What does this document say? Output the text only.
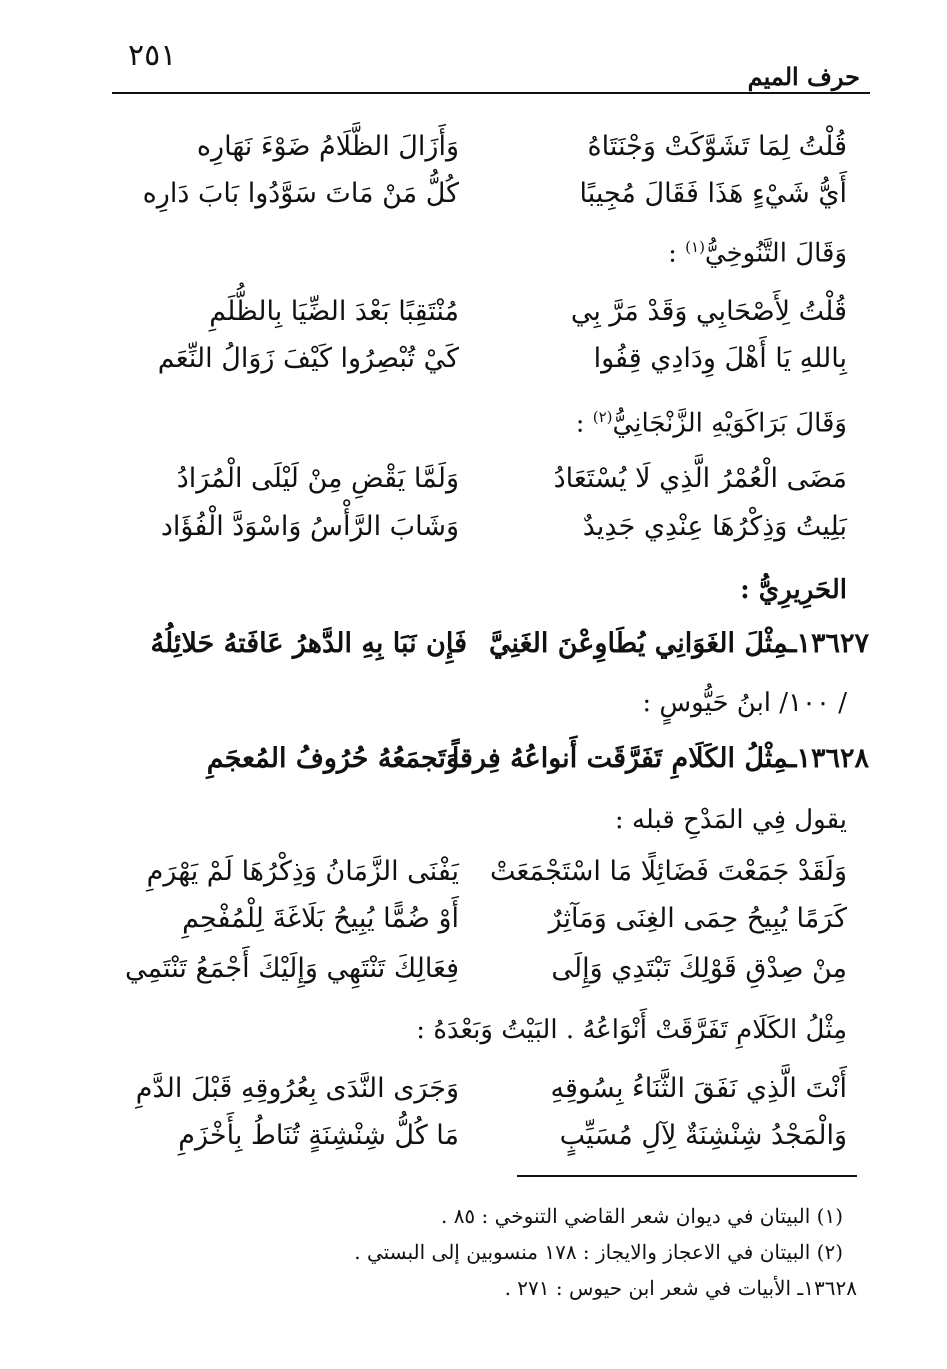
٢٥١
حرف الميم
قُلْتُ لِمَا تَشَوَّكَتْ وَجْنَتَاهُ
وَأَزَالَ الظَّلَامُ ضَوْءَ نَهَارِه
أَيُّ شَيْءٍ هَذَا فَقَالَ مُجِيبًا
كُلُّ مَنْ مَاتَ سَوَّدُوا بَابَ دَارِه
وَقَالَ التَّنُوخِيُّ$^{(١)}$ :
قُلْتُ لِأَصْحَابِي وَقَدْ مَرَّ بِي
مُنْتَقِبًا بَعْدَ الضِّيَا بِالظُّلَمِ
بِاللهِ يَا أَهْلَ وِدَادِي قِفُوا
كَيْ تُبْصِرُوا كَيْفَ زَوَالُ النِّعَم
وَقَالَ بَرَاكَوَيْهِ الزَّنْجَانِيُّ$^{(٢)}$ :
مَضَى الْعُمْرُ الَّذِي لَا يُسْتَعَادُ
وَلَمَّا يَقْضِ مِنْ لَيْلَى الْمُرَادُ
بَلِيتُ وَذِكْرُهَا عِنْدِي جَدِيدٌ
وَشَابَ الرَّأْسُ وَاسْوَدَّ الْفُؤَاد
الحَرِيرِيُّ :
١٣٦٢٧ـمِثْلَ الغَوَانِي يُطَاوِعْنَ الغَنِيَّ
فَإِن نَبَا بِهِ الدَّهرُ عَافَتهُ حَلائِلُهُ
/ ١٠٠/ ابنُ حَيُّوسٍ :
١٣٦٢٨ـمِثْلُ الكَلَامِ تَفَرَّقَت أَنواعُهُ فِرقاً
وَتَجمَعُهُ حُرُوفُ المُعجَمِ
يقول فِي المَدْحِ قبله :
وَلَقَدْ جَمَعْتَ فَضَائِلًا مَا اسْتَجْمَعَتْ
يَفْنَى الزَّمَانُ وَذِكْرُهَا لَمْ يَهْرَمِ
كَرَمًا يُبِيحُ حِمَى الغِنَى وَمَآثِرٌ
أَوْ ضُمًّا يُبِيحُ بَلَاغَةَ لِلْمُفْحِمِ
مِنْ صِدْقِ قَوْلِكَ تَبْتَدِي وَإِلَى
فِعَالِكَ تَنْتَهِي وَإِلَيْكَ أَجْمَعُ تَنْتَمِي
مِثْلُ الكَلَامِ تَفَرَّقَتْ أَنْوَاعُهُ . البَيْتُ وَبَعْدَهُ :
أَنْتَ الَّذِي نَفَقَ الثَّنَاءُ بِسُوقِهِ
وَجَرَى النَّدَى بِعُرُوقِهِ قَبْلَ الدَّمِ
وَالْمَجْدُ شِنْشِنَةٌ لِآلِ مُسَيِّبٍ
مَا كُلُّ شِنْشِنَةٍ تُنَاطُ بِأَخْزَمِ
(١) البيتان في ديوان شعر القاضي التنوخي : ٨٥ .
(٢) البيتان في الاعجاز والايجاز : ١٧٨ منسوبين إلى البستي .
١٣٦٢٨ـ الأبيات في شعر ابن حيوس : ٢٧١ .
